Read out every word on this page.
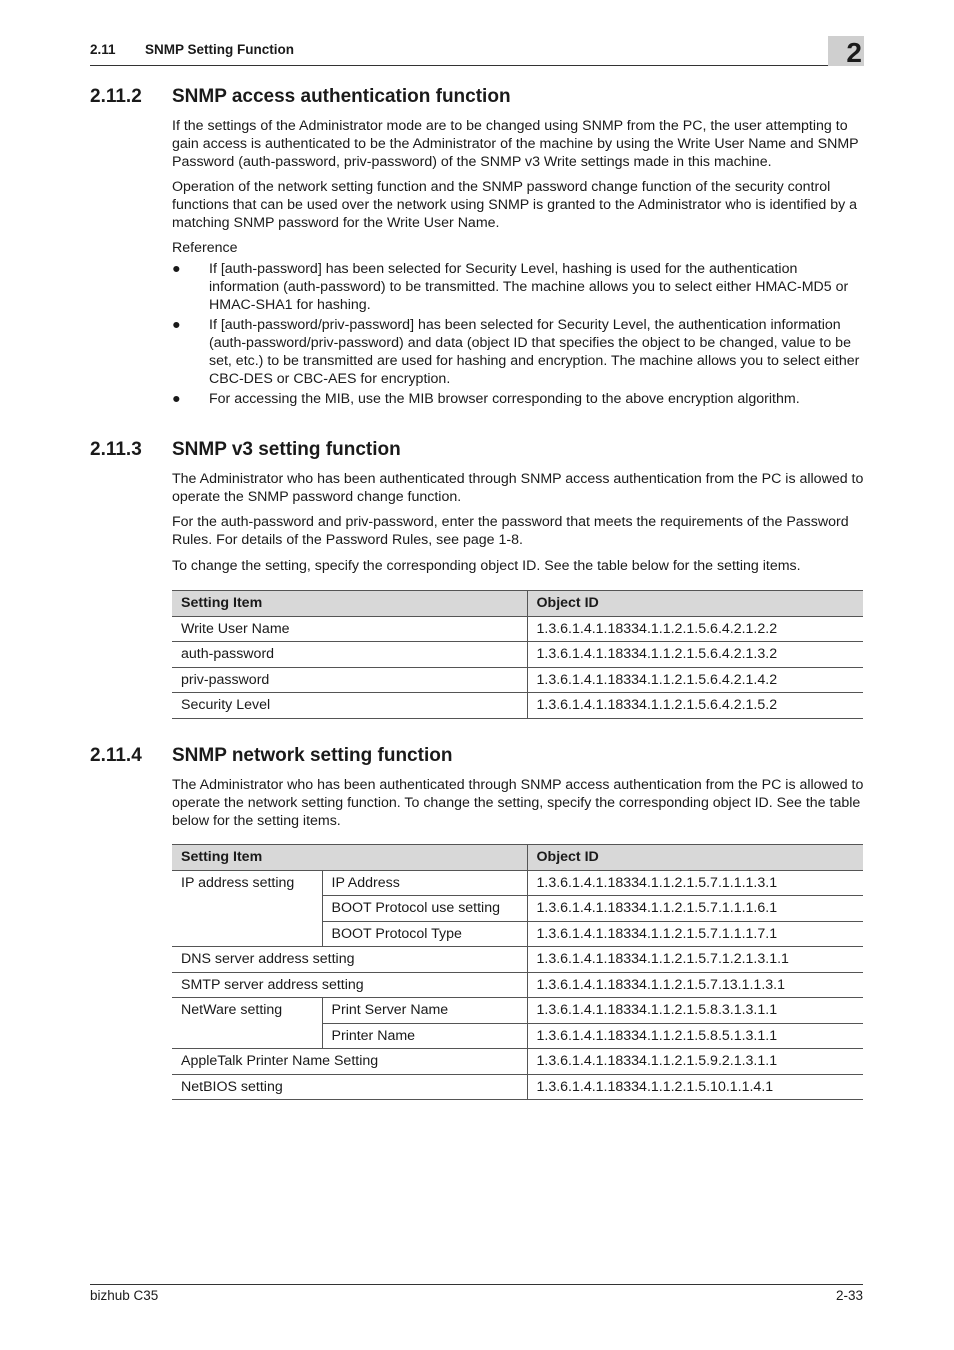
2.11 SNMP Setting Function	2
2.11.2 SNMP access authentication function

If the settings of the Administrator mode are to be changed using SNMP from the PC, the user attempting to gain access is authenticated to be the Administrator of the machine by using the Write User Name and SNMP Password (auth-password, priv-password) of the SNMP v3 Write settings made in this machine.

Operation of the network setting function and the SNMP password change function of the security control functions that can be used over the network using SNMP is granted to the Administrator who is identified by a matching SNMP password for the Write User Name.

Reference

● If [auth-password] has been selected for Security Level, hashing is used for the authentication information (auth-password) to be transmitted. The machine allows you to select either HMAC-MD5 or HMAC-SHA1 for hashing.
● If [auth-password/priv-password] has been selected for Security Level, the authentication information (auth-password/priv-password) and data (object ID that specifies the object to be changed, value to be set, etc.) to be transmitted are used for hashing and encryption. The machine allows you to select either CBC-DES or CBC-AES for encryption.
● For accessing the MIB, use the MIB browser corresponding to the above encryption algorithm.
2.11.3 SNMP v3 setting function

The Administrator who has been authenticated through SNMP access authentication from the PC is allowed to operate the SNMP password change function.

For the auth-password and priv-password, enter the password that meets the requirements of the Password Rules. For details of the Password Rules, see page 1-8.

To change the setting, specify the corresponding object ID. See the table below for the setting items.

Setting Item	Object ID
Write User Name	1.3.6.1.4.1.18334.1.1.2.1.5.6.4.2.1.2.2
auth-password	1.3.6.1.4.1.18334.1.1.2.1.5.6.4.2.1.3.2
priv-password	1.3.6.1.4.1.18334.1.1.2.1.5.6.4.2.1.4.2
Security Level	1.3.6.1.4.1.18334.1.1.2.1.5.6.4.2.1.5.2
2.11.4 SNMP network setting function

The Administrator who has been authenticated through SNMP access authentication from the PC is allowed to operate the network setting function. To change the setting, specify the corresponding object ID. See the table below for the setting items.

Setting Item		Object ID
IP address setting	IP Address	1.3.6.1.4.1.18334.1.1.2.1.5.7.1.1.1.3.1
	BOOT Protocol use setting	1.3.6.1.4.1.18334.1.1.2.1.5.7.1.1.1.6.1
	BOOT Protocol Type	1.3.6.1.4.1.18334.1.1.2.1.5.7.1.1.1.7.1
DNS server address setting		1.3.6.1.4.1.18334.1.1.2.1.5.7.1.2.1.3.1.1
SMTP server address setting		1.3.6.1.4.1.18334.1.1.2.1.5.7.13.1.1.3.1
NetWare setting	Print Server Name	1.3.6.1.4.1.18334.1.1.2.1.5.8.3.1.3.1.1
	Printer Name	1.3.6.1.4.1.18334.1.1.2.1.5.8.5.1.3.1.1
AppleTalk Printer Name Setting		1.3.6.1.4.1.18334.1.1.2.1.5.9.2.1.3.1.1
NetBIOS setting		1.3.6.1.4.1.18334.1.1.2.1.5.10.1.1.4.1
bizhub C35	2-33
